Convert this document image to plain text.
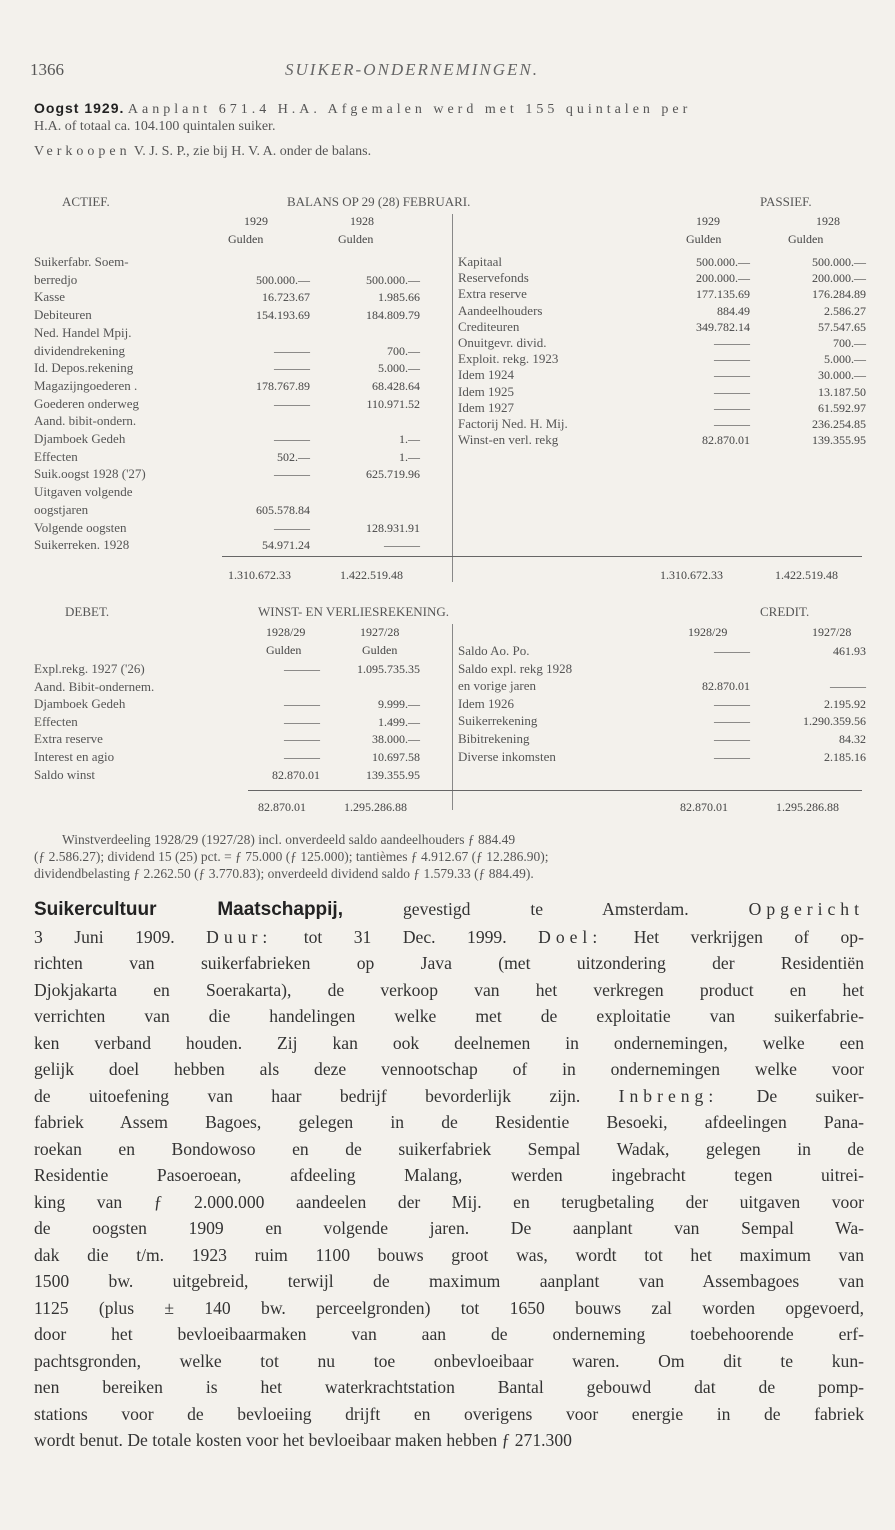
1366	SUIKER-ONDERNEMINGEN.
Oogst 1929. Aanplant 671.4 H.A. Afgemalen werd met 155 quintalen per
H.A. of totaal ca. 104.100 quintalen suiker.
Verkoopen V. J. S. P., zie bij H. V. A. onder de balans.
ACTIEF.	BALANS OP 29 (28) FEBRUARI.	PASSIEF.
1929	1928
Gulden	Gulden
1929	1928
Gulden	Gulden
Suikerfabr. Soem-
berredjo	500.000.—	500.000.—
Kasse	16.723.67	1.985.66
Debiteuren	154.193.69	184.809.79
Ned. Handel Mpij.
dividendrekening	———	700.—
Id. Depos.rekening	———	5.000.—
Magazijngoederen .	178.767.89	68.428.64
Goederen onderweg	———	110.971.52
Aand. bibit-ondern.
Djamboek Gedeh	———	1.—
Effecten	502.—	1.—
Suik.oogst 1928 ('27)	———	625.719.96
Uitgaven volgende
oogstjaren	605.578.84
Volgende oogsten	———	128.931.91
Suikerreken. 1928	54.971.24	———
Kapitaal	500.000.—	500.000.—
Reservefonds	200.000.—	200.000.—
Extra reserve	177.135.69	176.284.89
Aandeelhouders	884.49	2.586.27
Crediteuren	349.782.14	57.547.65
Onuitgevr. divid.	———	700.—
Exploit. rekg. 1923	———	5.000.—
Idem 1924	———	30.000.—
Idem 1925	———	13.187.50
Idem 1927	———	61.592.97
Factorij Ned. H. Mij.	———	236.254.85
Winst-en verl. rekg	82.870.01	139.355.95
1.310.672.33	1.422.519.48	1.310.672.33	1.422.519.48
DEBET.	WINST- EN VERLIESREKENING.	CREDIT.
1928/29	1927/28
Gulden	Gulden
1928/29	1927/28
Expl.rekg. 1927 ('26)	———	1.095.735.35
Aand. Bibit-ondernem.
Djamboek Gedeh	———	9.999.—
Effecten	———	1.499.—
Extra reserve	———	38.000.—
Interest en agio	———	10.697.58
Saldo winst	82.870.01	139.355.95
Saldo Ao. Po.	———	461.93
Saldo expl. rekg 1928
en vorige jaren	82.870.01	———
Idem 1926	———	2.195.92
Suikerrekening	———	1.290.359.56
Bibitrekening	———	84.32
Diverse inkomsten	———	2.185.16
82.870.01	1.295.286.88	82.870.01	1.295.286.88
Winstverdeeling 1928/29 (1927/28) incl. onverdeeld saldo aandeelhouders ƒ 884.49
(ƒ 2.586.27); dividend 15 (25) pct. = ƒ 75.000 (ƒ 125.000); tantièmes ƒ 4.912.67 (ƒ 12.286.90);
dividendbelasting ƒ 2.262.50 (ƒ 3.770.83); onverdeeld dividend saldo ƒ 1.579.33 (ƒ 884.49).
Suikercultuur Maatschappij,	gevestigd te Amsterdam.	Opgericht
3 Juni 1909. Duur: tot 31 Dec. 1999. Doel: Het verkrijgen of op-
richten van suikerfabrieken op Java (met uitzondering der Residentiën
Djokjakarta en Soerakarta), de verkoop van het verkregen product en het
verrichten van die handelingen welke met de exploitatie van suikerfabrie-
ken verband houden. Zij kan ook deelnemen in ondernemingen, welke een
gelijk doel hebben als deze vennootschap of in ondernemingen welke voor
de uitoefening van haar bedrijf bevorderlijk zijn. Inbreng: De suiker-
fabriek Assem Bagoes, gelegen in de Residentie Besoeki, afdeelingen Pana-
roekan en Bondowoso en de suikerfabriek Sempal Wadak, gelegen in de
Residentie Pasoeroean, afdeeling Malang, werden ingebracht tegen uitrei-
king van ƒ 2.000.000 aandeelen der Mij. en terugbetaling der uitgaven voor
de oogsten 1909 en volgende jaren. De aanplant van Sempal Wa-
dak die t/m. 1923 ruim 1100 bouws groot was, wordt tot het maximum van
1500 bw. uitgebreid, terwijl de maximum aanplant van Assembagoes van
1125 (plus ± 140 bw. perceelgronden) tot 1650 bouws zal worden opgevoerd,
door het bevloeibaarmaken van aan de onderneming toebehoorende erf-
pachtsgronden, welke tot nu toe onbevloeibaar waren. Om dit te kun-
nen bereiken is het waterkrachtstation Bantal gebouwd dat de pomp-
stations voor de bevloeiing drijft en overigens voor energie in de fabriek
wordt benut. De totale kosten voor het bevloeibaar maken hebben ƒ 271.300
